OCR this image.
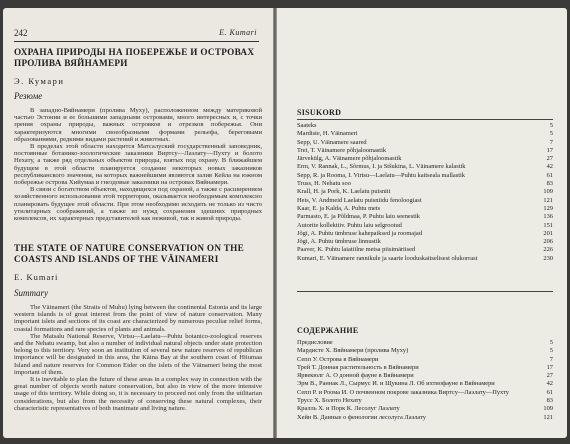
242	E. Kumari
ОХРАНА ПРИРОДЫ НА ПОБЕРЕЖЬЕ И ОСТРОВАХ ПРОЛИВА ВЯЙНАМЕРИ
Э. Кумари
Резюме

В западно-Вяйнамери (пролива Мухy), расположенном между материковой частью Эстонии и ее большими западными островами, много интересных и, с точки зрения охраны природы, важных островков и отрезков побережья. Они характеризуются многими своеобразными формами рельефа, береговыми образованиями, редкими видами растений и животных.

В пределах этой области находится Матсалуский государственный заповедник, постоянные ботанико-зоологические заказники Виртсу—Лаэлату—Пухту и болото Нехату, а также ряд отдельных объектов природы, взятых под охрану. В ближайшем будущем в этой области планируется создание некоторых новых заказников республиканского значения, на которых важнейшими являются залив Кейла на южном побережье острова Хийумаа и гнездовые заказники на островах Вяйнамери.

В связи с богатством объектов, находящихся под охраной, а также с расширением хозяйственного использования этой территории, оказывается необходимым комплексно планировать будущее этой области. При этом необходимо исходить не только из чисто утилитарных соображений, а также из нужд сохранения здешних природных комплексов, их характерных представителей как неживой, так и живой природы.

THE STATE OF NATURE CONSERVATION ON THE COASTS AND ISLANDS OF THE VÄINAMERI
E. Kumari
Summary

The Väinameri (the Straits of Muhu) lying between the continental Estonia and its large western islands is of great interest from the point of view of nature conservation. Many important islets and sections of its coast are characterized by numerous peculiar relief forms, coastal formations and rare species of plants and animals.

The Matsalu National Reserve, Virtsu—Laelatu—Puhtu botanico-zoological reserves and the Nehatu swamp, but also a number of individual natural objects under state protection belong to this territory. Very soon an institution of several new nature reserves of republican importance will be designated in this area, the Käina Bay at the southern coast of Hiiumaa Island and nature reserves for Common Eider on the islets of the Väinameri being the most important of them.

It is inevitable to plan the future of these areas in a complex way in connection with the great number of objects worth nature conservation, but also in view of the more intensive usage of this territory. While doing so, it is necessary to proceed not only from the utilitarian considerations, but also from the necessity of conserving these natural complexes, their characteristic representatives of both inanimate and living nature.

SISUKORD
Saateks	5
Mardiste, H. Väinameri	5
Sepp, U. Väinamere saared	7
Trei, T. Väinamere põhjaloomastik	17
Järvekülg, A. Väinamere põhjaloomastik	27
Erm, V. Rannak, L., Sõrmus, I. ja Stšukina, L. Väinamere kalastik	42
Sepp, R. ja Rooma, I. Virtsu—Laelatu—Puhtu kaitseala mallastik	61
Truss, H. Nehatu soo	83
Krall, H. ja Pork, K. Laelatu puisniit	109
Heis, V. Andmeid Laelatu puisniidu fenoloogiast	121
Kaar, E. ja Kalda, A. Puhtu mets	129
Parmasto, E. ja Põldmaa, P. Puhtu laiu seenestik	136
Autorite kollektiiv. Puhtu laiu selgrootud	151
Jõgi, A. Puhtu ümbruse kahepaiksed ja roomajad	201
Jõgi, A. Puhtu ümbruse linnustik	206
Paaver, K. Puhtu laiatiilne metsa piisimäriised	226
Kumari, E. Väinamere rannikule ja saarte looduskaitselisest olukorrast	230
СОДЕРЖАНИЕ
Предисловие	5
Мардисте Х. Вяйнамери (пролива Мухy)	5
Сепп У. Острова в Вяйнамери	7
Трей Т. Донная растительность в Вяйнамери	17
Ярвекюлг А. О донной фауне в Вяйнамери	27
Эрм В., Раннак Л., Сырмус И. и Щукина Л. Об ихтиофауне в Вяйнамери	42
Сепп Р. и Роома И. О почвенном покрове заказника Виртсу—Лаэлату—Пухту	61
Трусс Х. Болото Нехату	83
Кралль Х. и Порк К. Лесолуг Лаэлату	109
Хейн В. Данные о фенологии лесолуга Лаэлату	121
